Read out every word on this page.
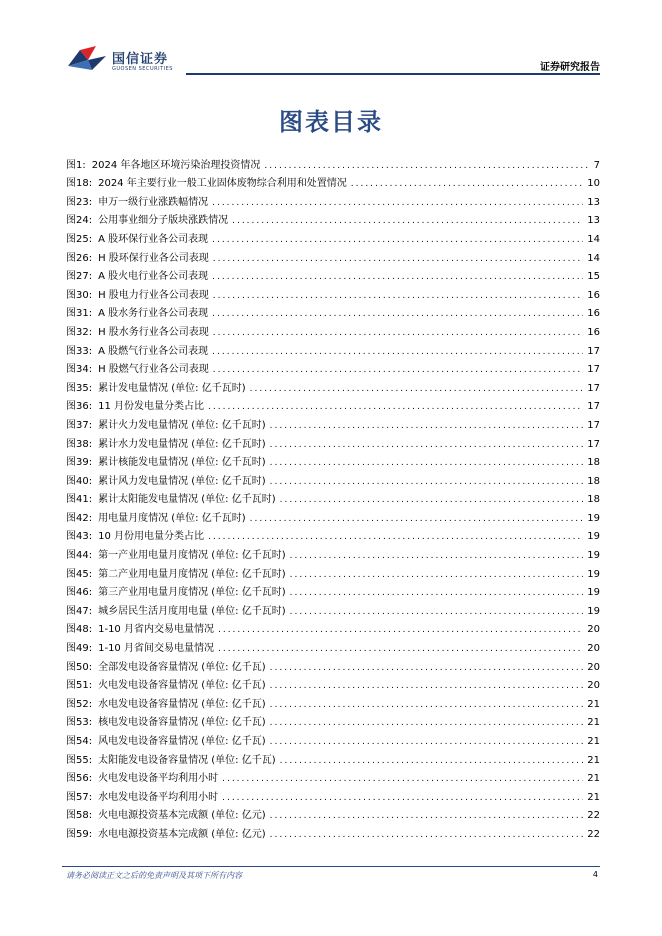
国信证券
GUOSEN SECURITIES	证券研究报告
图表目录
图1: 2024 年各地区环境污染治理投资情况 .....	7
图18: 2024 年主要行业一般工业固体废物综合利用和处置情况 .....	10
图23: 申万一级行业涨跌幅情况 .....	13
图24: 公用事业细分子版块涨跌情况 .....	13
图25: A 股环保行业各公司表现 .....	14
图26: H 股环保行业各公司表现 .....	14
图27: A 股火电行业各公司表现 .....	15
图30: H 股电力行业各公司表现 .....	16
图31: A 股水务行业各公司表现 .....	16
图32: H 股水务行业各公司表现 .....	16
图33: A 股燃气行业各公司表现 .....	17
图34: H 股燃气行业各公司表现 .....	17
图35: 累计发电量情况 (单位: 亿千瓦时) .....	17
图36: 11 月份发电量分类占比 .....	17
图37: 累计火力发电量情况 (单位: 亿千瓦时) .....	17
图38: 累计水力发电量情况 (单位: 亿千瓦时) .....	17
图39: 累计核能发电量情况 (单位: 亿千瓦时) .....	18
图40: 累计风力发电量情况 (单位: 亿千瓦时) .....	18
图41: 累计太阳能发电量情况 (单位: 亿千瓦时) .....	18
图42: 用电量月度情况 (单位: 亿千瓦时) .....	19
图43: 10 月份用电量分类占比 .....	19
图44: 第一产业用电量月度情况 (单位: 亿千瓦时) .....	19
图45: 第二产业用电量月度情况 (单位: 亿千瓦时) .....	19
图46: 第三产业用电量月度情况 (单位: 亿千瓦时) .....	19
图47: 城乡居民生活月度用电量 (单位: 亿千瓦时) .....	19
图48: 1-10 月省内交易电量情况 .....	20
图49: 1-10 月省间交易电量情况 .....	20
图50: 全部发电设备容量情况 (单位: 亿千瓦) .....	20
图51: 火电发电设备容量情况 (单位: 亿千瓦) .....	20
图52: 水电发电设备容量情况 (单位: 亿千瓦) .....	21
图53: 核电发电设备容量情况 (单位: 亿千瓦) .....	21
图54: 风电发电设备容量情况 (单位: 亿千瓦) .....	21
图55: 太阳能发电设备容量情况 (单位: 亿千瓦) .....	21
图56: 火电发电设备平均利用小时 .....	21
图57: 水电发电设备平均利用小时 .....	21
图58: 火电电源投资基本完成额 (单位: 亿元) .....	22
图59: 水电电源投资基本完成额 (单位: 亿元) .....	22
请务必阅读正文之后的免责声明及其项下所有内容	4
